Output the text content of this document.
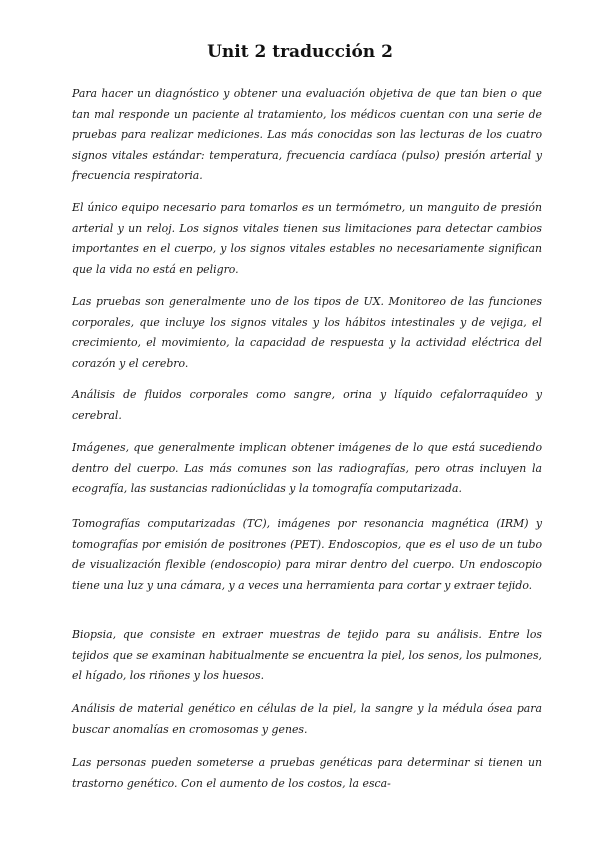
Unit 2 traducción 2

Para hacer un diagnóstico y obtener una evaluación objetiva de que tan bien o que tan mal responde un paciente al tratamiento, los médicos cuentan con una serie de pruebas para realizar mediciones. Las más conocidas son las lecturas de los cuatro signos vitales estándar: temperatura, frecuencia cardíaca (pulso) presión arterial y frecuencia respiratoria.

El único equipo necesario para tomarlos es un termómetro, un manguito de presión arterial y un reloj. Los signos vitales tienen sus limitaciones para detectar cambios importantes en el cuerpo, y los signos vitales estables no necesariamente significan que la vida no está en peligro.

Las pruebas son generalmente uno de los tipos de UX. Monitoreo de las funciones corporales, que incluye los signos vitales y los hábitos intestinales y de vejiga, el crecimiento, el movimiento, la capacidad de respuesta y la actividad eléctrica del corazón y el cerebro.

Análisis de fluidos corporales como sangre, orina y líquido cefalorraquídeo y cerebral.

Imágenes, que generalmente implican obtener imágenes de lo que está sucediendo dentro del cuerpo. Las más comunes son las radiografías, pero otras incluyen la ecografía, las sustancias radionúclidas y la tomografía computarizada.

Tomografías computarizadas (TC), imágenes por resonancia magnética (IRM) y tomografías por emisión de positrones (PET). Endoscopios, que es el uso de un tubo de visualización flexible (endoscopio) para mirar dentro del cuerpo. Un endoscopio tiene una luz y una cámara, y a veces una herramienta para cortar y extraer tejido.

Biopsia, que consiste en extraer muestras de tejido para su análisis. Entre los tejidos que se examinan habitualmente se encuentra la piel, los senos, los pulmones, el hígado, los riñones y los huesos.

Análisis de material genético en células de la piel, la sangre y la médula ósea para buscar anomalías en cromosomas y genes.

Las personas pueden someterse a pruebas genéticas para determinar si tienen un trastorno genético. Con el aumento de los costos, la esca-
